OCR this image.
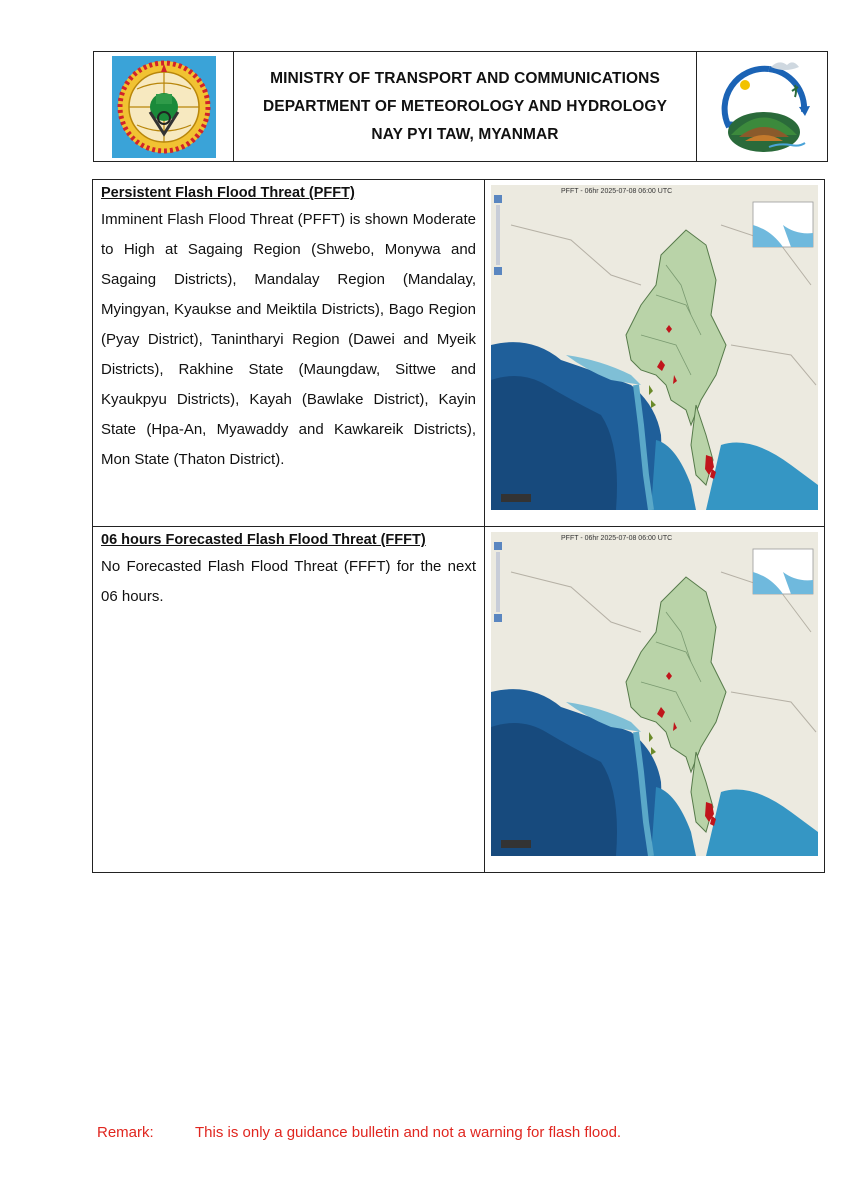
MINISTRY OF TRANSPORT AND COMMUNICATIONS
DEPARTMENT OF METEOROLOGY AND HYDROLOGY
NAY PYI TAW, MYANMAR
Persistent Flash Flood Threat (PFFT)
Imminent Flash Flood Threat (PFFT) is shown Moderate to High at Sagaing Region (Shwebo, Monywa and Sagaing Districts), Mandalay Region (Mandalay, Myingyan, Kyaukse and Meiktila Districts), Bago Region (Pyay District), Tanintharyi Region (Dawei and Myeik Districts), Rakhine State (Maungdaw, Sittwe and Kyaukpyu Districts), Kayah (Bawlake District), Kayin State (Hpa-An, Myawaddy and Kawkareik Districts), Mon State (Thaton District).
PFFT - 06hr 2025-07-08 06:00 UTC
06 hours Forecasted Flash Flood Threat (FFFT)
No Forecasted Flash Flood Threat (FFFT) for the next 06 hours.
PFFT - 06hr 2025-07-08 06:00 UTC
Remark:	This is only a guidance bulletin and not a warning for flash flood.
